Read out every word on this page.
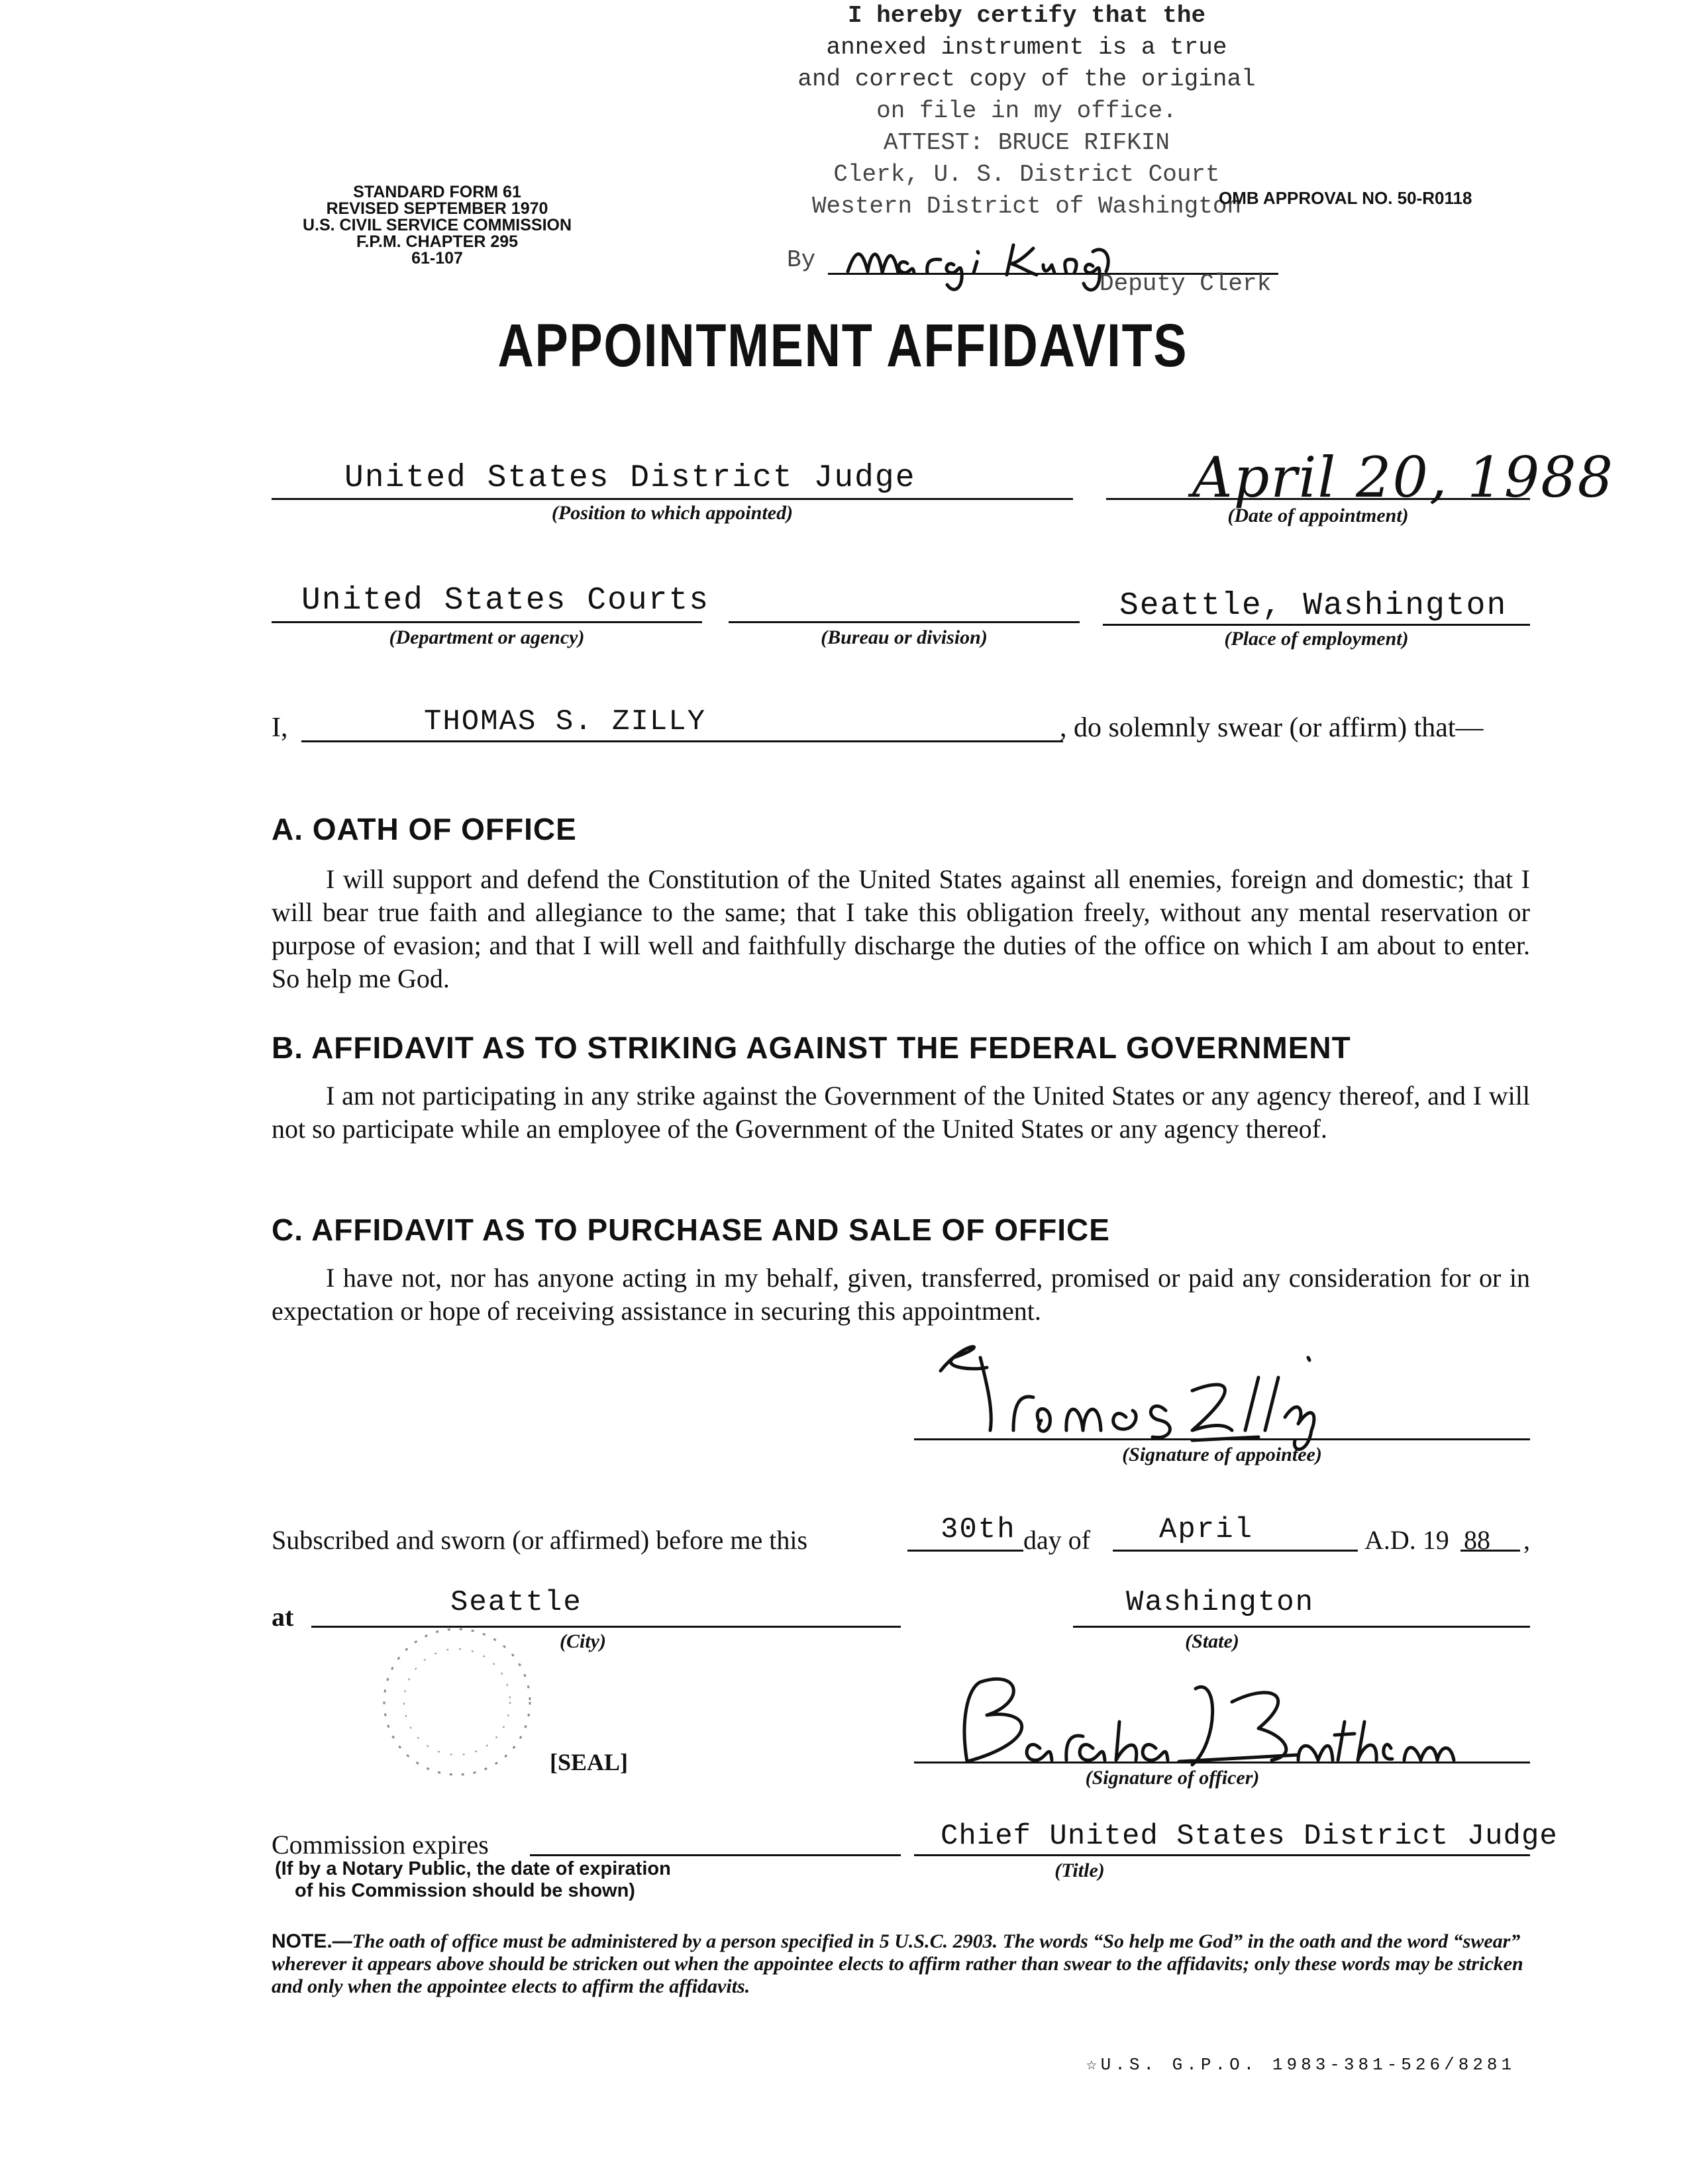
STANDARD FORM 61
REVISED SEPTEMBER 1970
U.S. CIVIL SERVICE COMMISSION
F.P.M. CHAPTER 295
61-107
I hereby certify that the
annexed instrument is a true
and correct copy of the original
on file in my office.
ATTEST: BRUCE RIFKIN
Clerk, U. S. District Court
Western District of Washington
OMB APPROVAL NO. 50-R0118
By
Deputy Clerk
APPOINTMENT AFFIDAVITS
United States District Judge
(Position to which appointed)
April 20, 1988
(Date of appointment)
United States Courts
(Department or agency)	(Bureau or division)
Seattle, Washington
(Place of employment)
I,	THOMAS S. ZILLY	, do solemnly swear (or affirm) that—
A. OATH OF OFFICE
I will support and defend the Constitution of the United States against all enemies, foreign and domestic; that I will bear true faith and allegiance to the same; that I take this obligation freely, without any mental reservation or purpose of evasion; and that I will well and faithfully discharge the duties of the office on which I am about to enter. So help me God.
B. AFFIDAVIT AS TO STRIKING AGAINST THE FEDERAL GOVERNMENT
I am not participating in any strike against the Government of the United States or any agency thereof, and I will not so participate while an employee of the Government of the United States or any agency thereof.
C. AFFIDAVIT AS TO PURCHASE AND SALE OF OFFICE
I have not, nor has anyone acting in my behalf, given, transferred, promised or paid any consideration for or in expectation or hope of receiving assistance in securing this appointment.
Thomas S Zilly
(Signature of appointee)
Subscribed and sworn (or affirmed) before me this	30th day of April	A.D. 19 88 ,
at	Seattle
(City)
Washington
(State)
[SEAL]
Barbara J Rothstein
(Signature of officer)
Commission expires
(If by a Notary Public, the date of expiration
of his Commission should be shown)
Chief United States District Judge
(Title)
NOTE.—The oath of office must be administered by a person specified in 5 U.S.C. 2903. The words “So help me God” in the oath and the word “swear” wherever it appears above should be stricken out when the appointee elects to affirm rather than swear to the affidavits; only these words may be stricken and only when the appointee elects to affirm the affidavits.
☆U.S. G.P.O. 1983-381-526/8281
